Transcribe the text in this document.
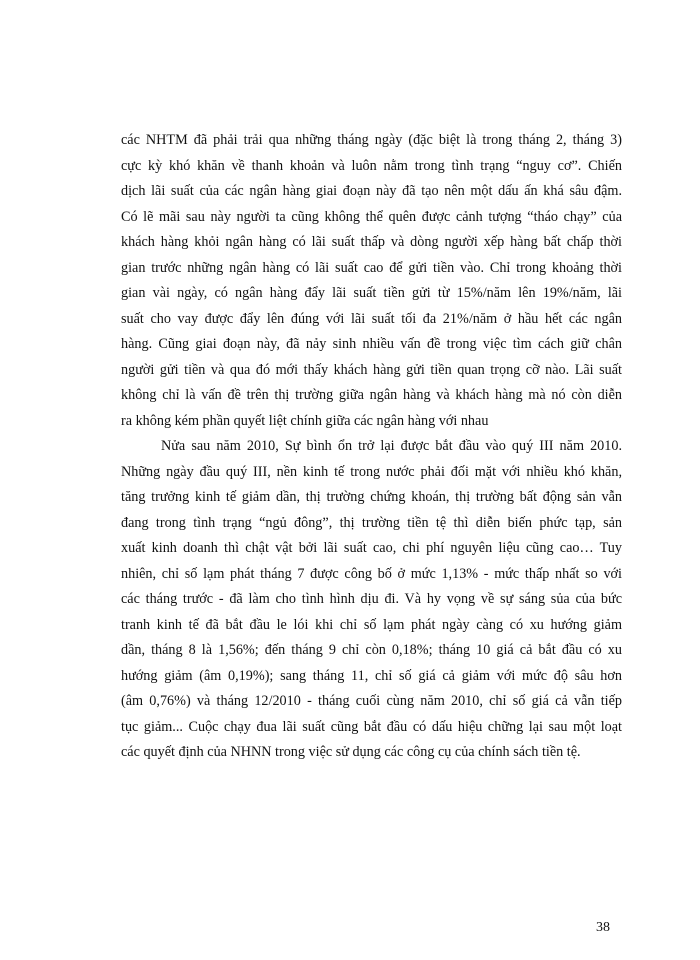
các NHTM đã phải trải qua những tháng ngày (đặc biệt là trong tháng 2, tháng 3)
cực kỳ khó khăn về thanh khoản và luôn nằm trong tình trạng “nguy cơ”. Chiến
dịch lãi suất của các ngân hàng giai đoạn này đã tạo nên một dấu ấn khá sâu đậm.
Có lẽ mãi sau này người ta cũng không thể quên được cảnh tượng “tháo chạy” của
khách hàng khỏi ngân hàng có lãi suất thấp và dòng người xếp hàng bất chấp thời
gian trước những ngân hàng có lãi suất cao để gửi tiền vào. Chỉ trong khoảng thời
gian vài ngày, có ngân hàng đẩy lãi suất tiền gửi từ 15%/năm lên 19%/năm, lãi
suất cho vay được đẩy lên đúng với lãi suất tối đa 21%/năm ở hầu hết các ngân
hàng. Cũng giai đoạn này, đã nảy sinh nhiều vấn đề trong việc tìm cách giữ chân
người gửi tiền và qua đó mới thấy khách hàng gửi tiền quan trọng cỡ nào. Lãi suất
không chỉ là vấn đề trên thị trường giữa ngân hàng và khách hàng mà nó còn diễn
ra không kém phần quyết liệt chính giữa các ngân hàng với nhau
Nửa sau năm 2010, Sự bình ổn trở lại được bắt đầu vào quý III năm 2010.
Những ngày đầu quý III, nền kinh tế trong nước phải đối mặt với nhiều khó khăn,
tăng trưởng kinh tế giảm dần, thị trường chứng khoán, thị trường bất động sản vẫn
đang trong tình trạng “ngủ đông”, thị trường tiền tệ thì diễn biến phức tạp, sản
xuất kinh doanh thì chật vật bởi lãi suất cao, chi phí nguyên liệu cũng cao… Tuy
nhiên, chỉ số lạm phát tháng 7 được công bố ở mức 1,13% - mức thấp nhất so với
các tháng trước - đã làm cho tình hình dịu đi. Và hy vọng về sự sáng sủa của bức
tranh kinh tế đã bắt đầu le lói khi chỉ số lạm phát ngày càng có xu hướng giảm
dần, tháng 8 là 1,56%; đến tháng 9 chỉ còn 0,18%; tháng 10 giá cả bắt đầu có xu
hướng giảm (âm 0,19%); sang tháng 11, chỉ số giá cả giảm với mức độ sâu hơn
(âm 0,76%) và tháng 12/2010 - tháng cuối cùng năm 2010, chỉ số giá cả vẫn tiếp
tục giảm... Cuộc chạy đua lãi suất cũng bắt đầu có dấu hiệu chững lại sau một loạt
các quyết định của NHNN trong việc sử dụng các công cụ của chính sách tiền tệ.
38
